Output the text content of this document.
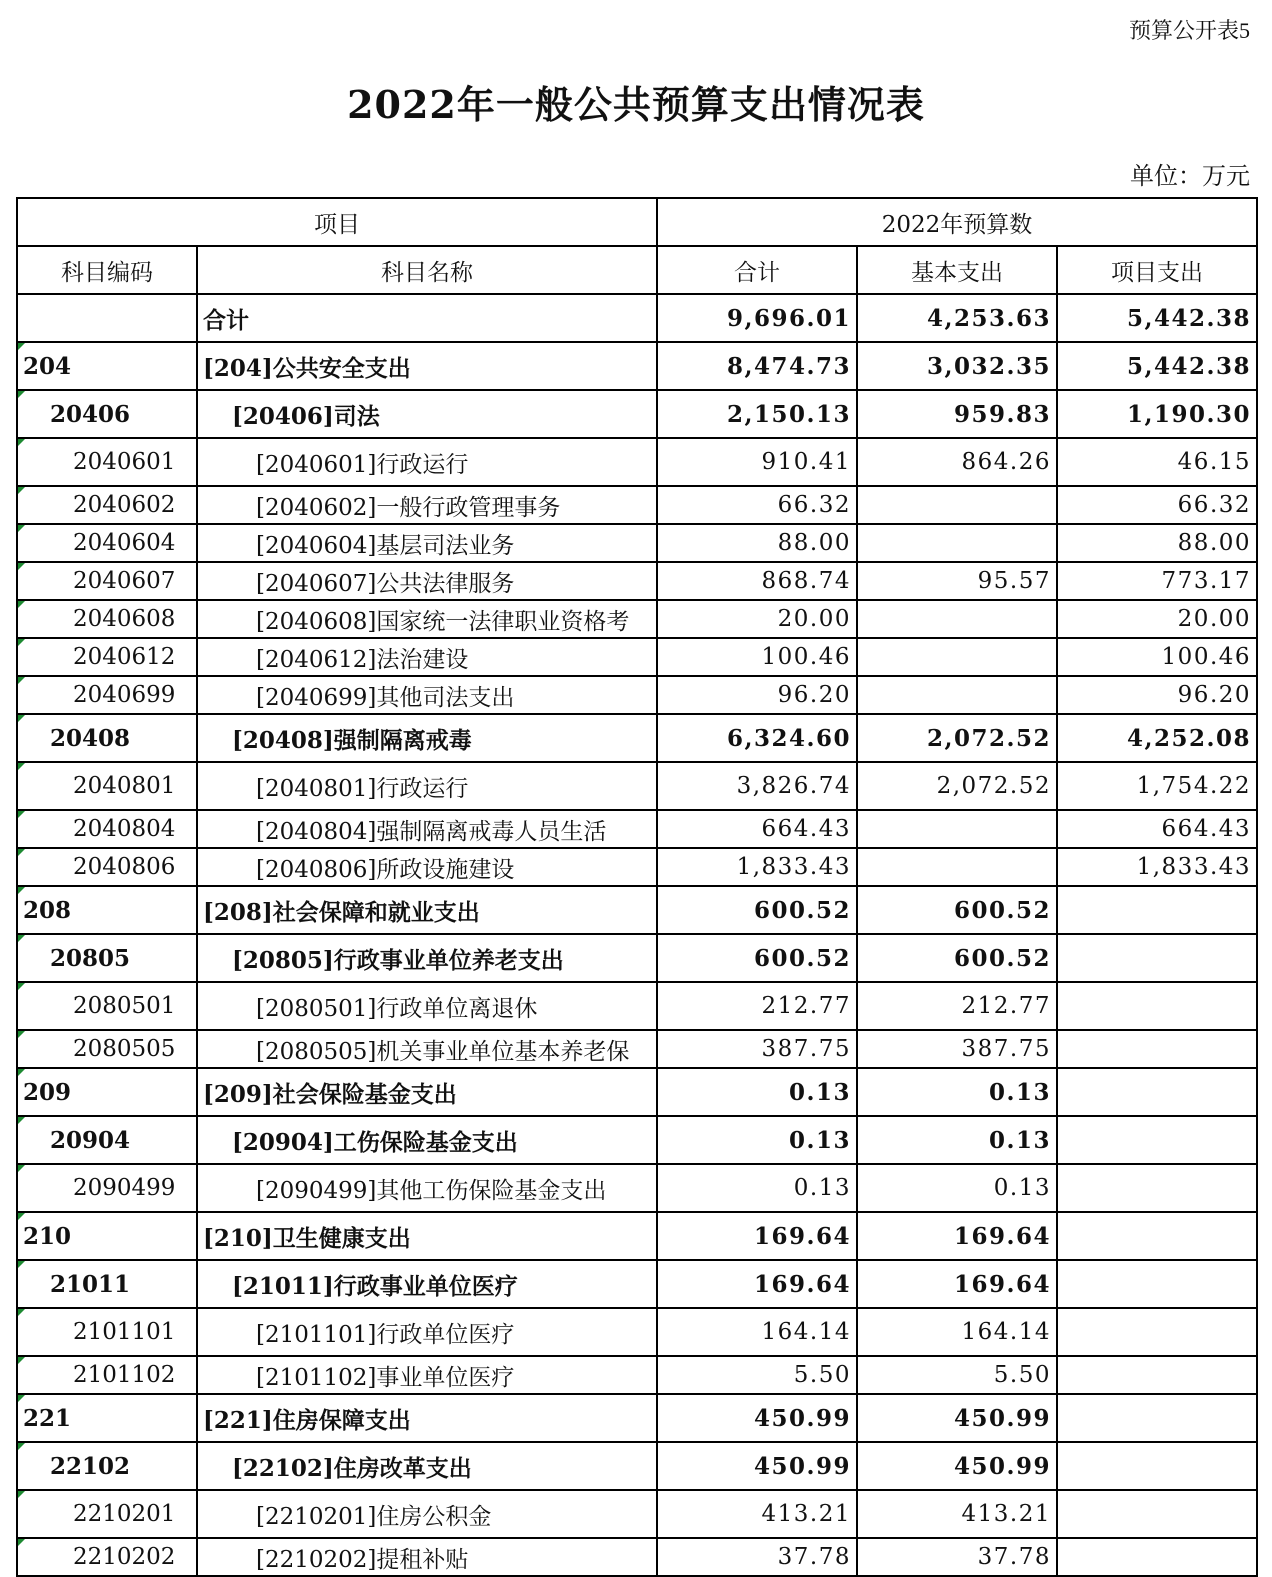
预算公开表5
2022年一般公共预算支出情况表
单位：万元
项目		2022年预算数		
科目编码	科目名称	合计	基本支出	项目支出
	合计	9,696.01	4,253.63	5,442.38
204	[204]公共安全支出	8,474.73	3,032.35	5,442.38
20406	[20406]司法	2,150.13	959.83	1,190.30
2040601	[2040601]行政运行	910.41	864.26	46.15
2040602	[2040602]一般行政管理事务	66.32		66.32
2040604	[2040604]基层司法业务	88.00		88.00
2040607	[2040607]公共法律服务	868.74	95.57	773.17
2040608	[2040608]国家统一法律职业资格考	20.00		20.00
2040612	[2040612]法治建设	100.46		100.46
2040699	[2040699]其他司法支出	96.20		96.20
20408	[20408]强制隔离戒毒	6,324.60	2,072.52	4,252.08
2040801	[2040801]行政运行	3,826.74	2,072.52	1,754.22
2040804	[2040804]强制隔离戒毒人员生活	664.43		664.43
2040806	[2040806]所政设施建设	1,833.43		1,833.43
208	[208]社会保障和就业支出	600.52	600.52	
20805	[20805]行政事业单位养老支出	600.52	600.52	
2080501	[2080501]行政单位离退休	212.77	212.77	
2080505	[2080505]机关事业单位基本养老保	387.75	387.75	
209	[209]社会保险基金支出	0.13	0.13	
20904	[20904]工伤保险基金支出	0.13	0.13	
2090499	[2090499]其他工伤保险基金支出	0.13	0.13	
210	[210]卫生健康支出	169.64	169.64	
21011	[21011]行政事业单位医疗	169.64	169.64	
2101101	[2101101]行政单位医疗	164.14	164.14	
2101102	[2101102]事业单位医疗	5.50	5.50	
221	[221]住房保障支出	450.99	450.99	
22102	[22102]住房改革支出	450.99	450.99	
2210201	[2210201]住房公积金	413.21	413.21	
2210202	[2210202]提租补贴	37.78	37.78	
